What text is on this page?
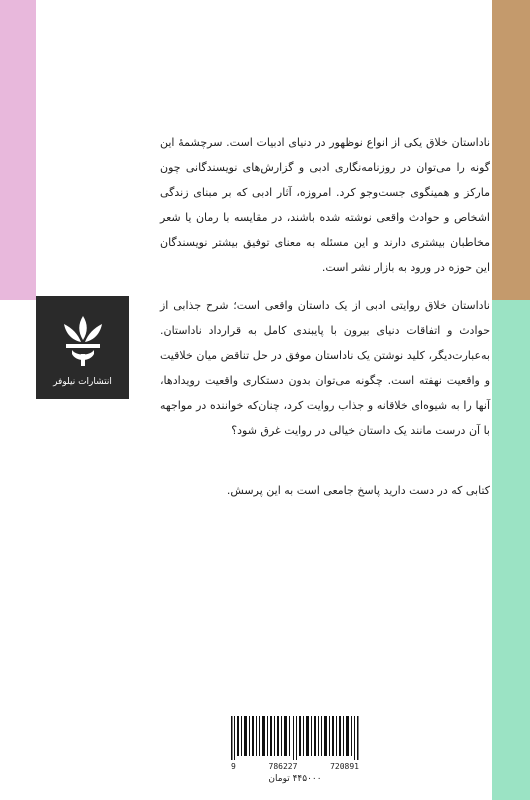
انتشارات نیلوفر

ناداستان خلاق یکی از انواع نوظهور در دنیای ادبیات است. سرچشمهٔ این گونه را می‌توان در روزنامه‌نگاری ادبی و گزارش‌های نویسندگانی چون مارکز و همینگوی جست‌وجو کرد. امروزه، آثار ادبی که بر مبنای زندگی اشخاص و حوادث واقعی نوشته شده باشند، در مقایسه با رمان یا شعر مخاطبان بیشتری دارند و این مسئله به معنای توفیق بیشتر نویسندگان این حوزه در ورود به بازار نشر است.

ناداستان خلاق روایتی ادبی از یک داستان واقعی است؛ شرح جذابی از حوادث و اتفاقات دنیای بیرون با پایبندی کامل به قرارداد ناداستان. به‌عبارت‌دیگر، کلید نوشتن یک ناداستان موفق در حل تناقض میان خلاقیت و واقعیت نهفته است. چگونه می‌توان بدون دستکاری واقعیت رویدادها، آنها را به شیوه‌ای خلاقانه و جذاب روایت کرد، چنان‌که خواننده در مواجهه با آن درست مانند یک داستان خیالی در روایت غرق شود؟

کتابی که در دست دارید پاسخ جامعی است به این پرسش.

9	786227	720891
۴۴۵۰۰۰ تومان
